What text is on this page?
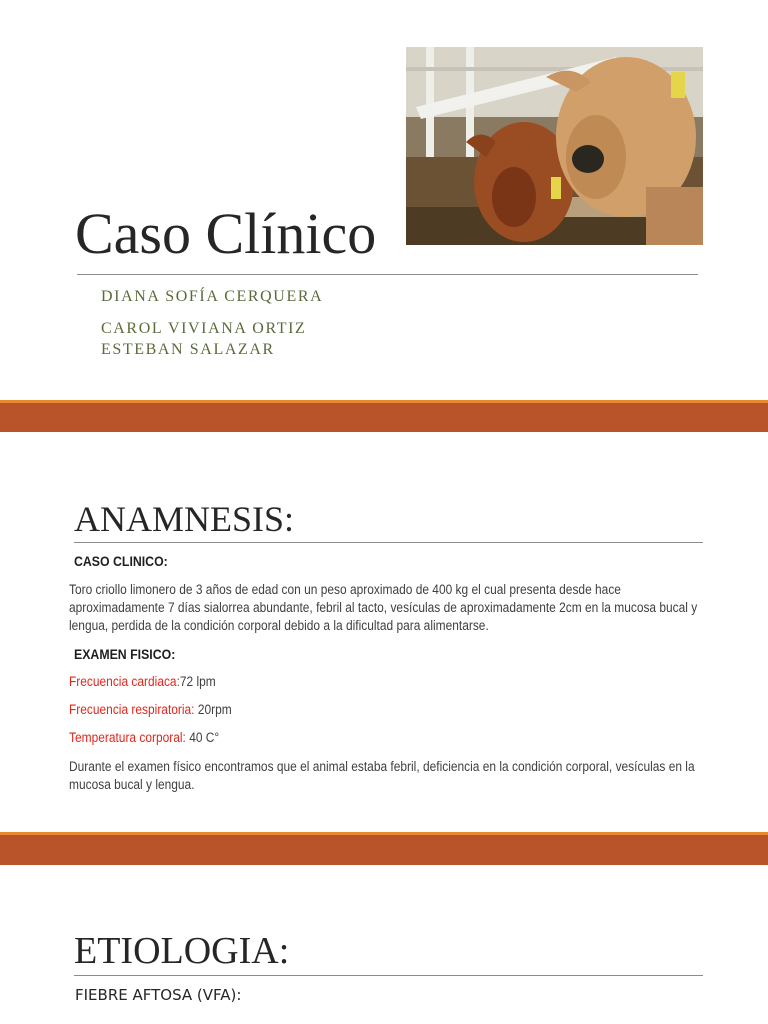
Caso Clínico
DIANA SOFÍA CERQUERA
CAROL VIVIANA ORTIZ
ESTEBAN SALAZAR
ANAMNESIS:
CASO CLINICO:
Toro criollo limonero de 3 años de edad con un peso aproximado de 400 kg el cual presenta desde hace aproximadamente 7 días sialorrea abundante, febril al tacto, vesículas de aproximadamente 2cm en la mucosa bucal y lengua, perdida de la condición corporal debido a la dificultad para alimentarse.
EXAMEN FISICO:
Frecuencia cardiaca:72 lpm
Frecuencia respiratoria: 20rpm
Temperatura corporal: 40 C°
Durante el examen físico encontramos que el animal estaba febril, deficiencia en la condición corporal, vesículas en la mucosa bucal y lengua.
ETIOLOGIA:
FIEBRE AFTOSA (VFA):
